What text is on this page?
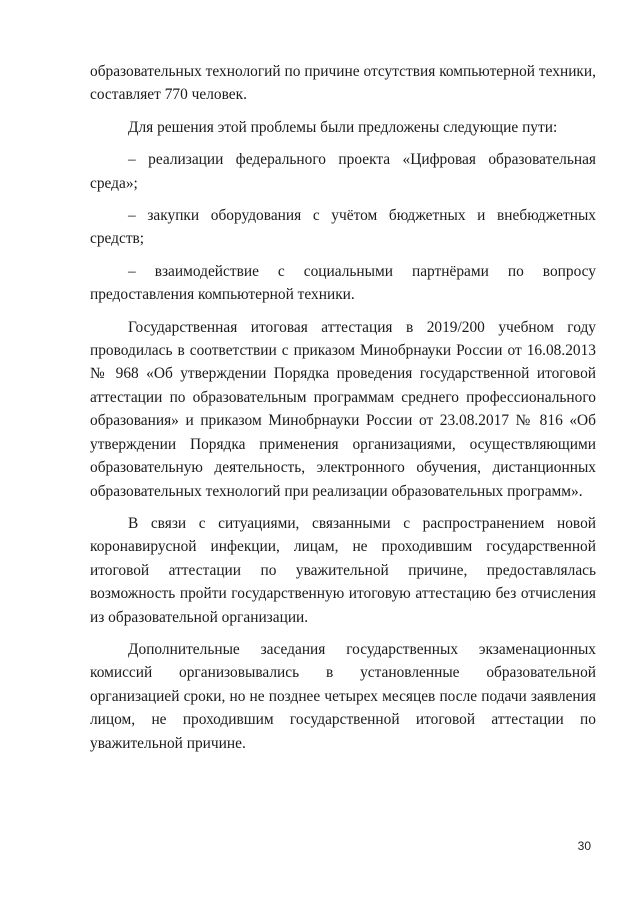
образовательных технологий по причине отсутствия компьютерной техники, составляет 770 человек.

Для решения этой проблемы были предложены следующие пути:

– реализации федерального проекта «Цифровая образовательная среда»;

– закупки оборудования с учётом бюджетных и внебюджетных средств;

– взаимодействие с социальными партнёрами по вопросу предоставления компьютерной техники.

Государственная итоговая аттестация в 2019/200 учебном году проводилась в соответствии с приказом Минобрнауки России от 16.08.2013 № 968 «Об утверждении Порядка проведения государственной итоговой аттестации по образовательным программам среднего профессионального образования» и приказом Минобрнауки России от 23.08.2017 № 816 «Об утверждении Порядка применения организациями, осуществляющими образовательную деятельность, электронного обучения, дистанционных образовательных технологий при реализации образовательных программ».

В связи с ситуациями, связанными с распространением новой коронавирусной инфекции, лицам, не проходившим государственной итоговой аттестации по уважительной причине, предоставлялась возможность пройти государственную итоговую аттестацию без отчисления из образовательной организации.

Дополнительные заседания государственных экзаменационных комиссий организовывались в установленные образовательной организацией сроки, но не позднее четырех месяцев после подачи заявления лицом, не проходившим государственной итоговой аттестации по уважительной причине.

30
